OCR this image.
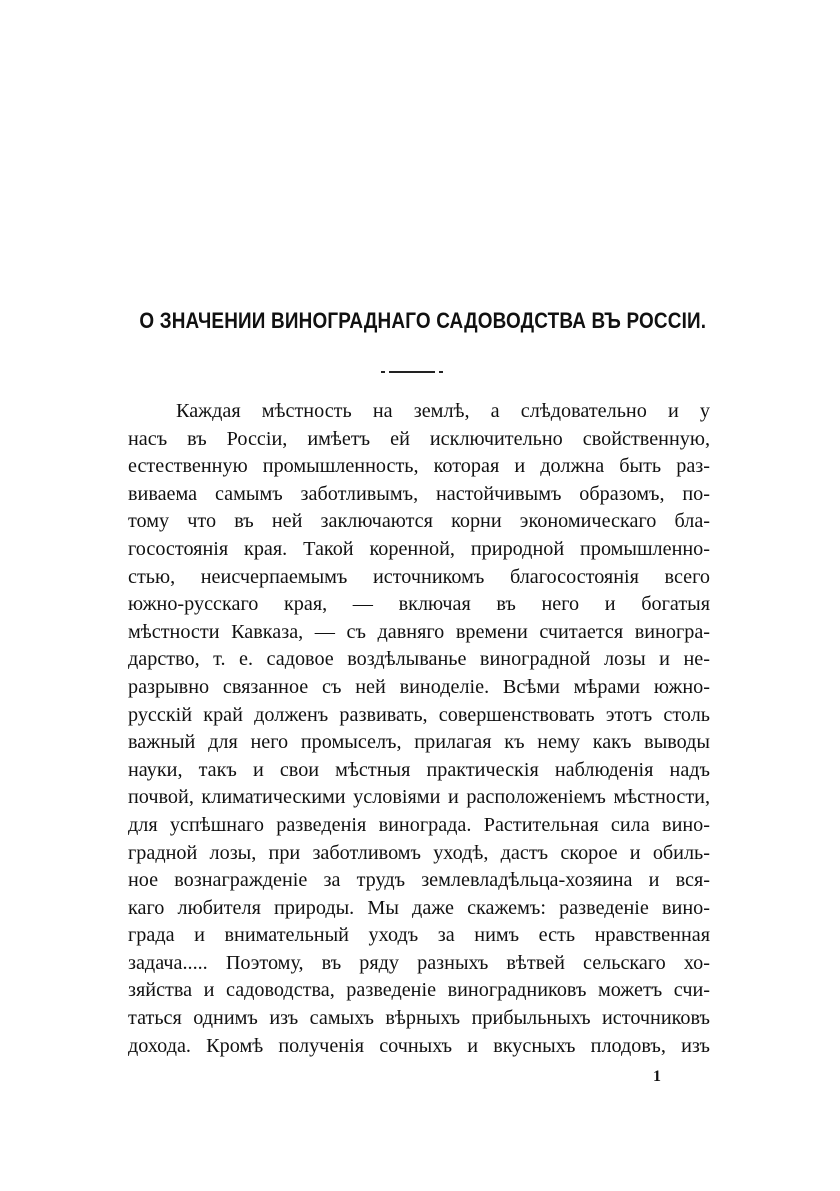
О ЗНАЧЕНИИ ВИНОГРАДНАГО САДОВОДСТВА ВЪ РОССІИ.
Каждая мѣстность на землѣ, а слѣдовательно и у
насъ въ Россіи, имѣетъ ей исключительно свойственную,
естественную промышленность, которая и должна быть раз-
виваема самымъ заботливымъ, настойчивымъ образомъ, по-
тому что въ ней заключаются корни экономическаго бла-
госостоянія края. Такой коренной, природной промышленно-
стью, неисчерпаемымъ источникомъ благосостоянія всего
южно-русскаго края, — включая въ него и богатыя
мѣстности Кавказа, — съ давняго времени считается виногра-
дарство, т. е. садовое воздѣлыванье виноградной лозы и не-
разрывно связанное съ ней виноделіе. Всѣми мѣрами южно-
русскій край долженъ развивать, совершенствовать этотъ столь
важный для него промыселъ, прилагая къ нему какъ выводы
науки, такъ и свои мѣстныя практическія наблюденія надъ
почвой, климатическими условіями и расположеніемъ мѣстности,
для успѣшнаго разведенія винограда. Растительная сила вино-
градной лозы, при заботливомъ уходѣ, дастъ скорое и обиль-
ное вознагражденіе за трудъ землевладѣльца-хозяина и вся-
каго любителя природы. Мы даже скажемъ: разведеніе вино-
града и внимательный уходъ за нимъ есть нравственная
задача..... Поэтому, въ ряду разныхъ вѣтвей сельскаго хо-
зяйства и садоводства, разведеніе виноградниковъ можетъ счи-
таться однимъ изъ самыхъ вѣрныхъ прибыльныхъ источниковъ
дохода. Кромѣ полученія сочныхъ и вкусныхъ плодовъ, изъ
1
